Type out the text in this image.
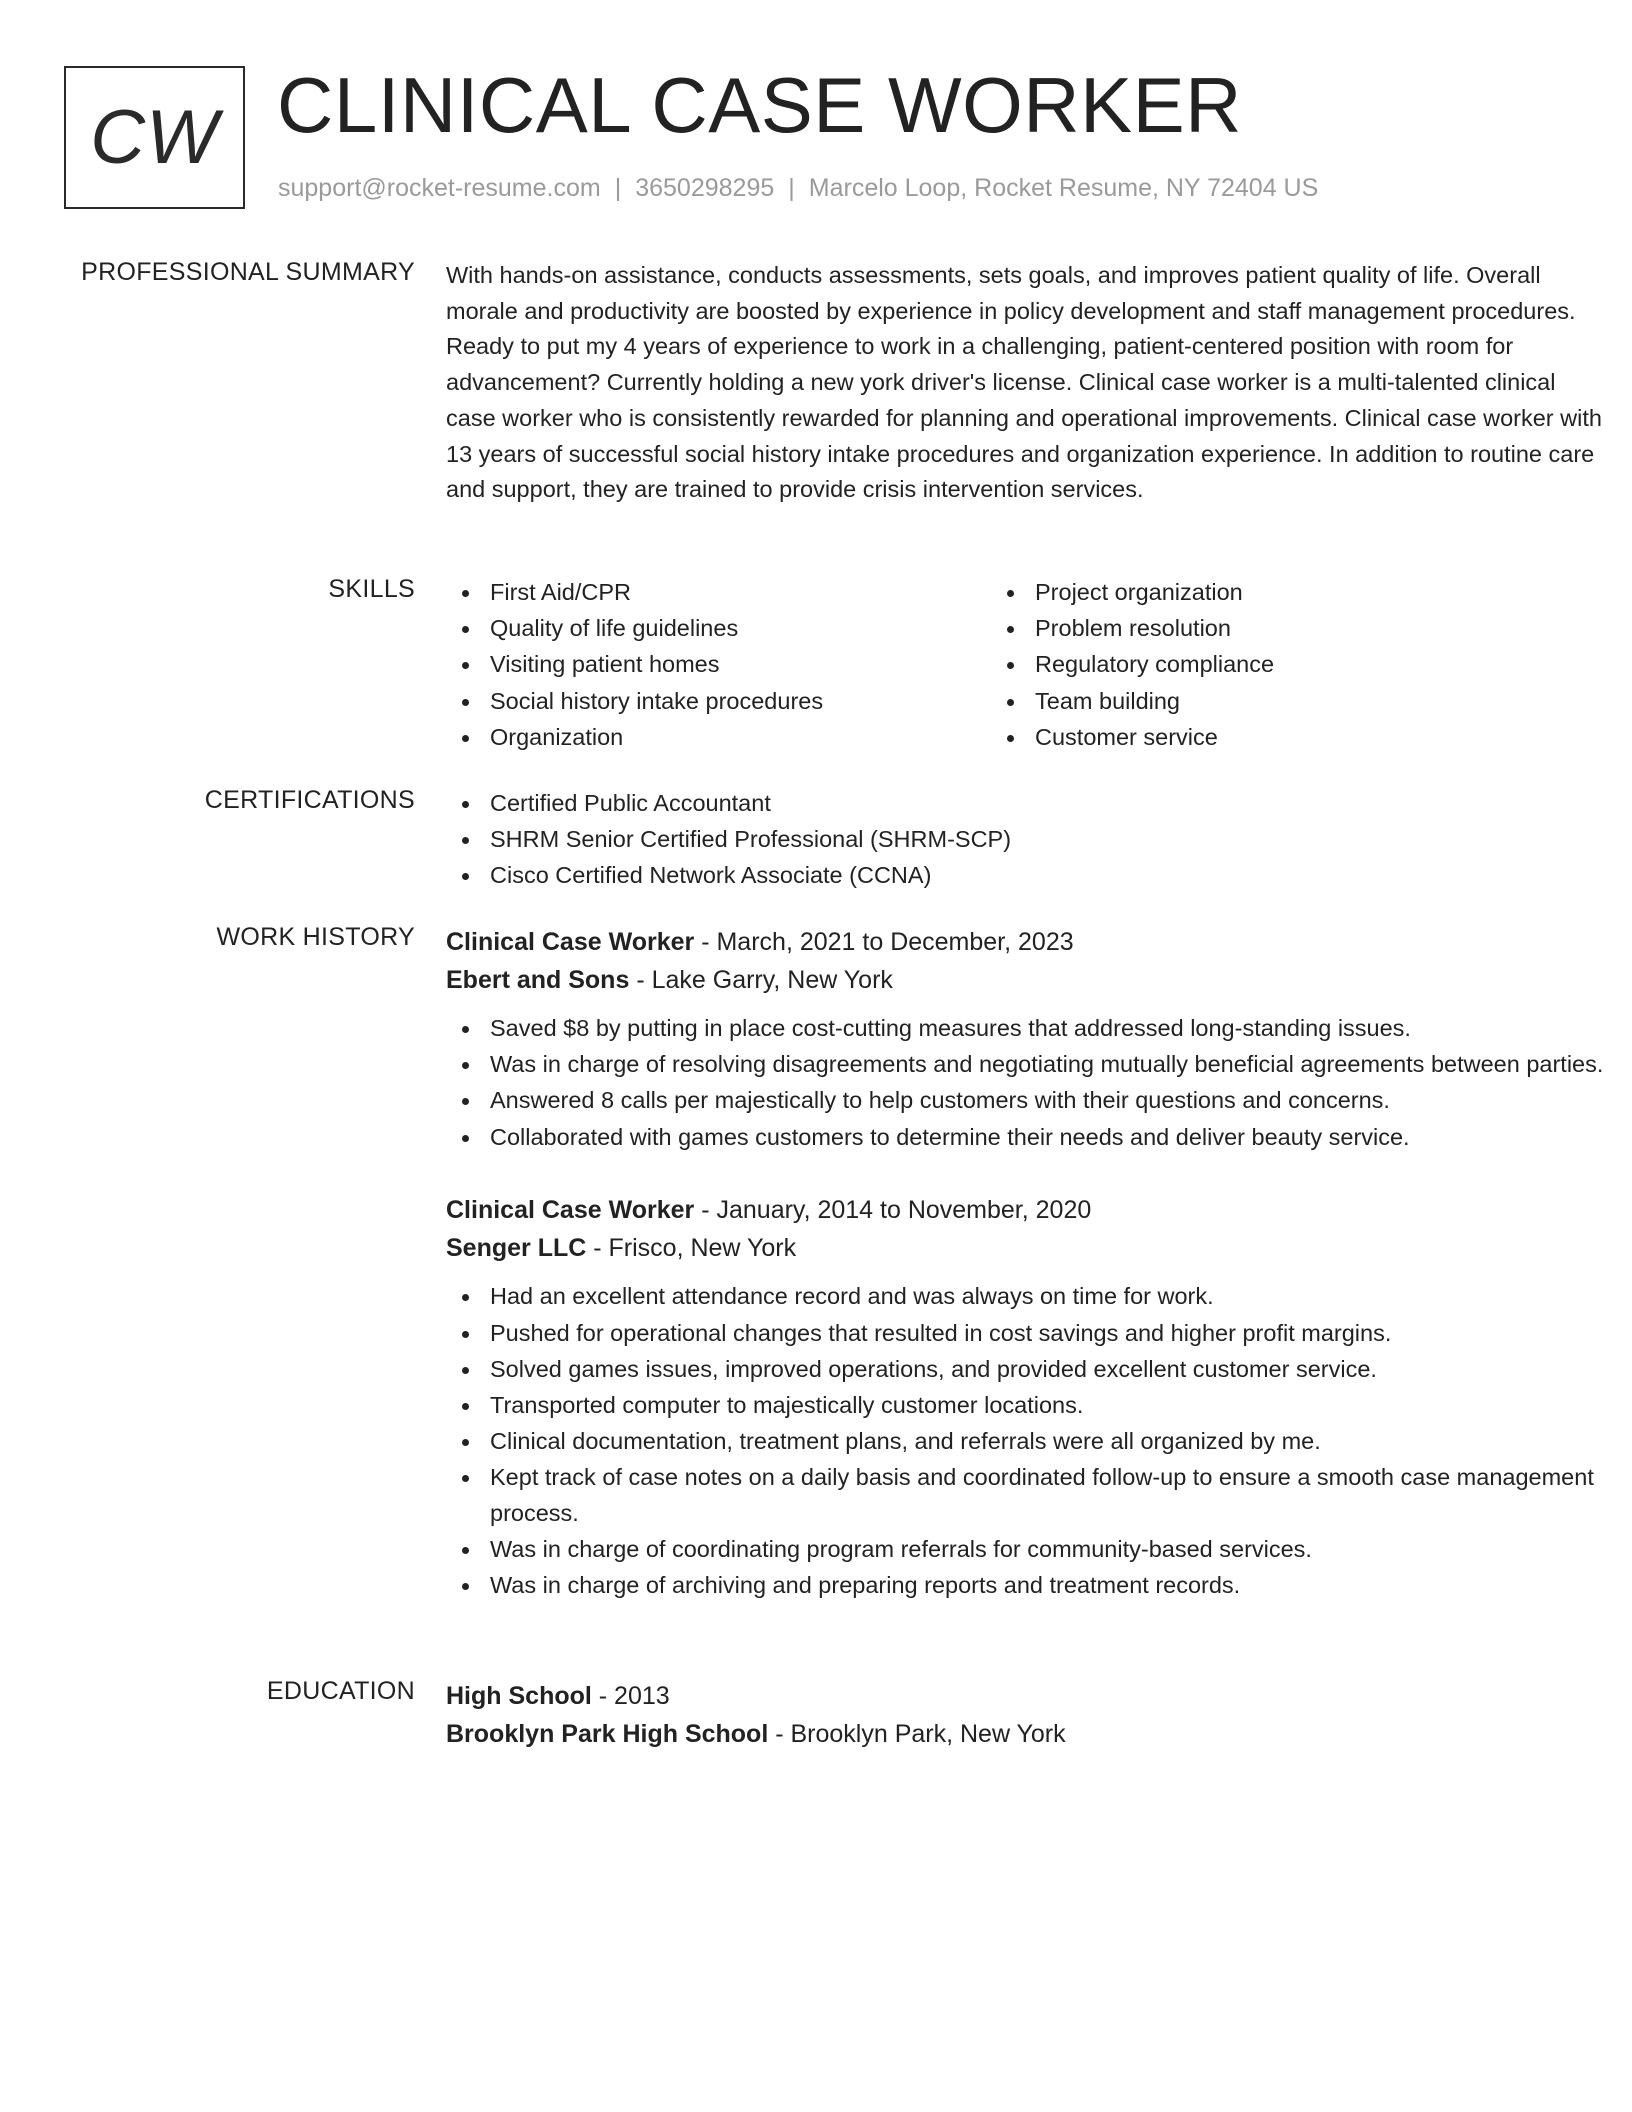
CW CLINICAL CASE WORKER
support@rocket-resume.com | 3650298295 | Marcelo Loop, Rocket Resume, NY 72404 US
PROFESSIONAL SUMMARY With hands-on assistance, conducts assessments, sets goals, and improves patient quality of life. Overall morale and productivity are boosted by experience in policy development and staff management procedures. Ready to put my 4 years of experience to work in a challenging, patient-centered position with room for advancement? Currently holding a new york driver's license. Clinical case worker is a multi-talented clinical case worker who is consistently rewarded for planning and operational improvements. Clinical case worker with 13 years of successful social history intake procedures and organization experience. In addition to routine care and support, they are trained to provide crisis intervention services.

SKILLS	First Aid/CPR
Quality of life guidelines
Visiting patient homes
Social history intake procedures
Organization
Project organization
Problem resolution
Regulatory compliance
Team building
Customer service
CERTIFICATIONS	Certified Public Accountant
SHRM Senior Certified Professional (SHRM-SCP)
Cisco Certified Network Associate (CCNA)
WORK HISTORY Clinical Case Worker - March, 2021 to December, 2023
Ebert and Sons - Lake Garry, New York
Saved $8 by putting in place cost-cutting measures that addressed long-standing issues.
Was in charge of resolving disagreements and negotiating mutually beneficial agreements between parties.
Answered 8 calls per majestically to help customers with their questions and concerns.
Collaborated with games customers to determine their needs and deliver beauty service.
Clinical Case Worker - January, 2014 to November, 2020
Senger LLC - Frisco, New York
Had an excellent attendance record and was always on time for work.
Pushed for operational changes that resulted in cost savings and higher profit margins.
Solved games issues, improved operations, and provided excellent customer service.
Transported computer to majestically customer locations.
Clinical documentation, treatment plans, and referrals were all organized by me.
Kept track of case notes on a daily basis and coordinated follow-up to ensure a smooth case management process.
Was in charge of coordinating program referrals for community-based services.
Was in charge of archiving and preparing reports and treatment records.
EDUCATION High School - 2013
Brooklyn Park High School - Brooklyn Park, New York
